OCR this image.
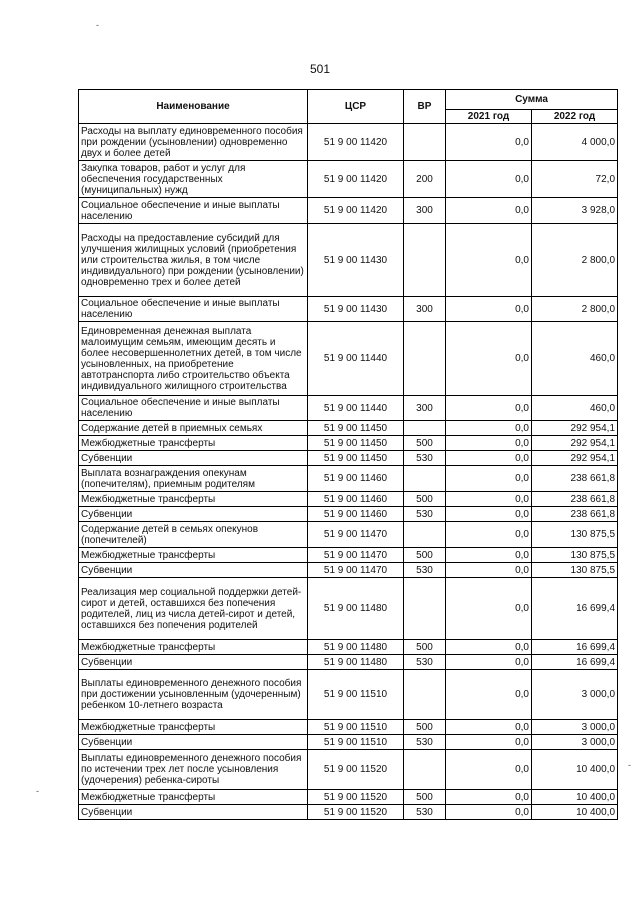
-
-
-
501
Наименование	ЦСР	ВР	Сумма	
			2021 год	2022 год
Расходы на выплату единовременного пособия при рождении (усыновлении) одновременно двух и более детей	51 9 00 11420		0,0	4 000,0
Закупка товаров, работ и услуг для обеспечения государственных (муниципальных) нужд	51 9 00 11420	200	0,0	72,0
Социальное обеспечение и иные выплаты населению	51 9 00 11420	300	0,0	3 928,0
Расходы на предоставление субсидий для улучшения жилищных условий (приобретения или строительства жилья, в том числе индивидуального) при рождении (усыновлении) одновременно трех и более детей	51 9 00 11430		0,0	2 800,0
Социальное обеспечение и иные выплаты населению	51 9 00 11430	300	0,0	2 800,0
Единовременная денежная выплата малоимущим семьям, имеющим десять и более несовершеннолетних детей, в том числе усыновленных, на приобретение автотранспорта либо строительство объекта индивидуального жилищного строительства	51 9 00 11440		0,0	460,0
Социальное обеспечение и иные выплаты населению	51 9 00 11440	300	0,0	460,0
Содержание детей в приемных семьях	51 9 00 11450		0,0	292 954,1
Межбюджетные трансферты	51 9 00 11450	500	0,0	292 954,1
Субвенции	51 9 00 11450	530	0,0	292 954,1
Выплата вознаграждения опекунам (попечителям), приемным родителям	51 9 00 11460		0,0	238 661,8
Межбюджетные трансферты	51 9 00 11460	500	0,0	238 661,8
Субвенции	51 9 00 11460	530	0,0	238 661,8
Содержание детей в семьях опекунов (попечителей)	51 9 00 11470		0,0	130 875,5
Межбюджетные трансферты	51 9 00 11470	500	0,0	130 875,5
Субвенции	51 9 00 11470	530	0,0	130 875,5
Реализация мер социальной поддержки детей-сирот и детей, оставшихся без попечения родителей, лиц из числа детей-сирот и детей, оставшихся без попечения родителей	51 9 00 11480		0,0	16 699,4
Межбюджетные трансферты	51 9 00 11480	500	0,0	16 699,4
Субвенции	51 9 00 11480	530	0,0	16 699,4
Выплаты единовременного денежного пособия при достижении усыновленным (удочеренным) ребенком 10-летнего возраста	51 9 00 11510		0,0	3 000,0
Межбюджетные трансферты	51 9 00 11510	500	0,0	3 000,0
Субвенции	51 9 00 11510	530	0,0	3 000,0
Выплаты единовременного денежного пособия по истечении трех лет после усыновления (удочерения) ребенка-сироты	51 9 00 11520		0,0	10 400,0
Межбюджетные трансферты	51 9 00 11520	500	0,0	10 400,0
Субвенции	51 9 00 11520	530	0,0	10 400,0
